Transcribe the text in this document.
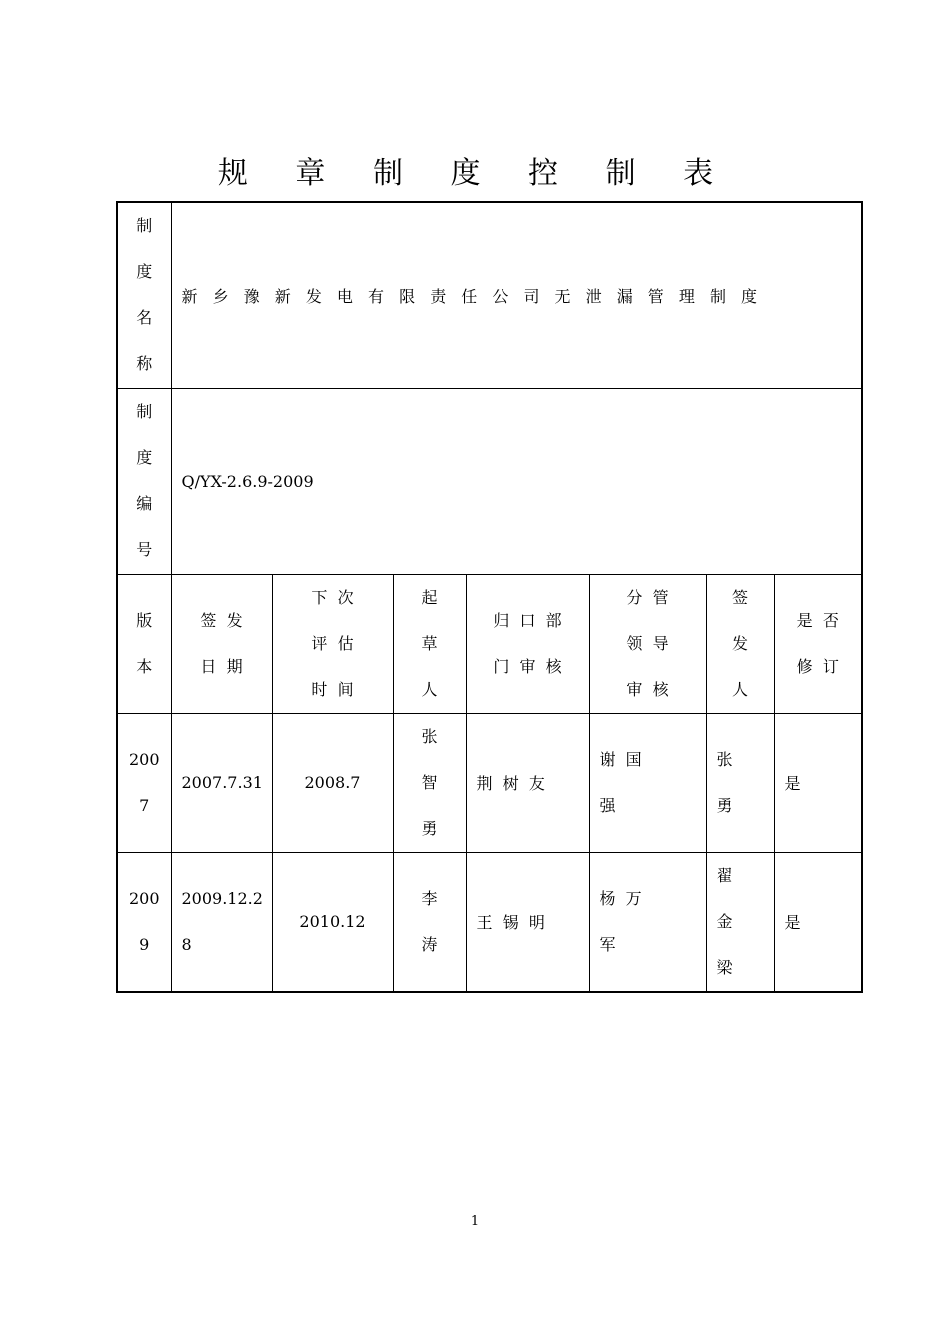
规 章 制 度 控 制 表
制
度
名
称	新 乡 豫 新 发 电 有 限 责 任 公 司 无 泄 漏 管 理 制 度						

制
度
编
号	Q/YX-2.6.9-2009						

版
本	签  发
日  期	下  次
评  估
时  间	起
草
人	归  口  部
门  审  核	分  管
领  导
审  核	签
发
人	是  否
修  订

200
7	2007.7.31	2008.7	张
智
勇	荆  树  友	谢  国
强	张
勇	是

200
9	2009.12.2
8	2010.12	李
涛	王  锡  明	杨  万
军	翟
金
梁	是
1
